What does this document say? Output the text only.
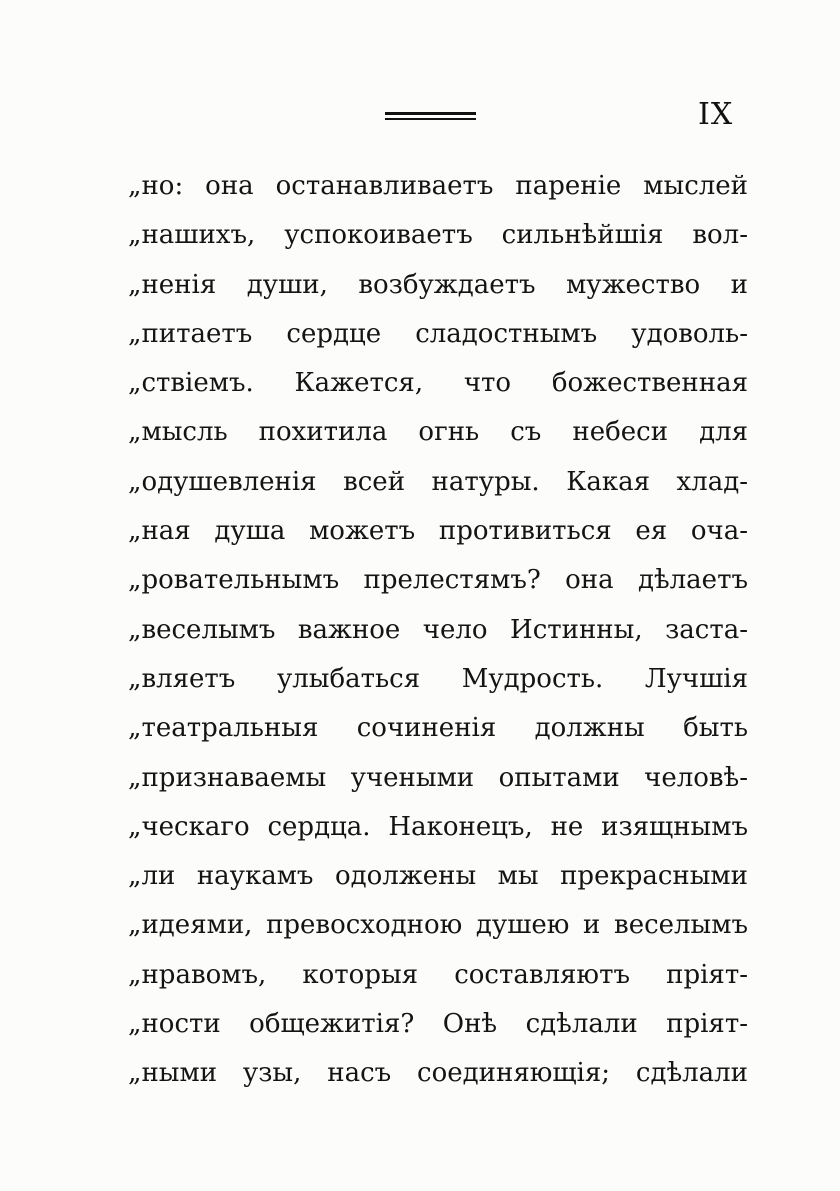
IX
„но: она останавливаетъ пареніе мыслей
„нашихъ, успокоиваетъ сильнѣйшія вол-
„ненія души, возбуждаетъ мужество и
„питаетъ сердце сладостнымъ удоволь-
„ствіемъ. Кажется, что божественная
„мысль похитила огнь съ небеси для
„одушевленія всей натуры. Какая хлад-
„ная душа можетъ противиться ея оча-
„ровательнымъ прелестямъ? она дѣлаетъ
„веселымъ важное чело Истинны, заста-
„вляетъ улыбаться Мудрость. Лучшія
„театральныя сочиненія должны быть
„признаваемы учеными опытами человѣ-
„ческаго сердца. Наконецъ, не изящнымъ
„ли наукамъ одолжены мы прекрасными
„идеями, превосходною душею и веселымъ
„нравомъ, которыя составляютъ пріят-
„ности общежитія? Онѣ сдѣлали пріят-
„ными узы, насъ соединяющія; сдѣлали
